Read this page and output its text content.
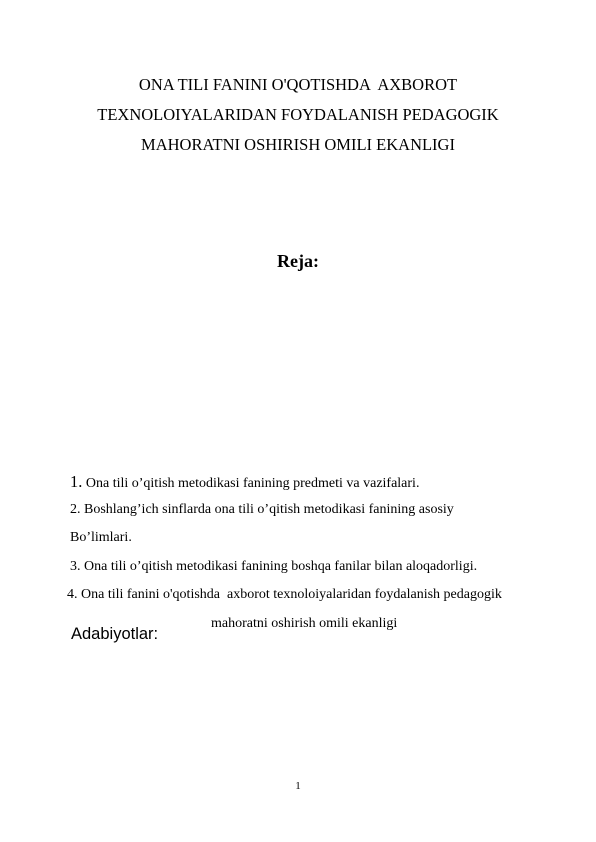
ONA TILI FANINI O'QOTISHDA  AXBOROT
TEXNOLOIYALARIDAN FOYDALANISH PEDAGOGIK
MAHORATNI OSHIRISH OMILI EKANLIGI
Reja:

1. Ona tili o’qitish metodikasi fanining predmeti va vazifalari.

2. Boshlang’ich sinflarda ona tili o’qitish metodikasi fanining asosiy

Bo’limlari.

3. Ona tili o’qitish metodikasi fanining boshqa fanilar bilan aloqadorligi.

4. Ona tili fanini o'qotishda  axborot texnoloiyalaridan foydalanish pedagogik

mahoratni oshirish omili ekanligi

Adabiyotlar:
1
